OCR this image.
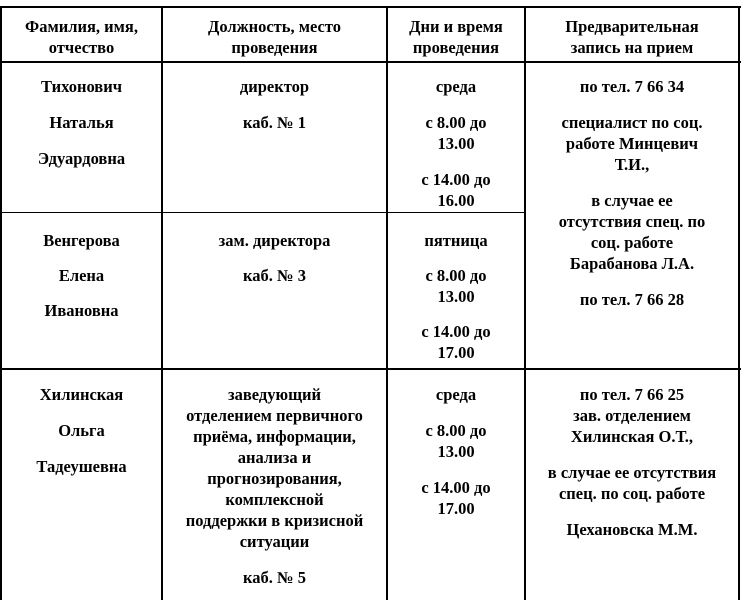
Фамилия, имя,

отчество

Должность, место

проведения

Дни и время

проведения

Предварительная

запись на прием

Тихонович

Наталья

Эдуардовна

директор

каб. № 1

среда

с 8.00 до

13.00

с 14.00 до

16.00

по тел. 7 66 34

специалист по соц.

работе Минцевич

Т.И.,

в случае ее

отсутствия спец. по

соц. работе

Барабанова Л.А.

по тел. 7 66 28

Венгерова

Елена

Ивановна

зам. директора

каб. № 3

пятница

с 8.00 до

13.00

с 14.00 до

17.00

Хилинская

Ольга

Тадеушевна

заведующий

отделением первичного

приёма, информации,

анализа и

прогнозирования,

комплексной

поддержки в кризисной

ситуации

каб. № 5

среда

с 8.00 до

13.00

с 14.00 до

17.00

по тел. 7 66 25

зав. отделением

Хилинская О.Т.,

в случае ее отсутствия

спец. по соц. работе

Цехановска М.М.
